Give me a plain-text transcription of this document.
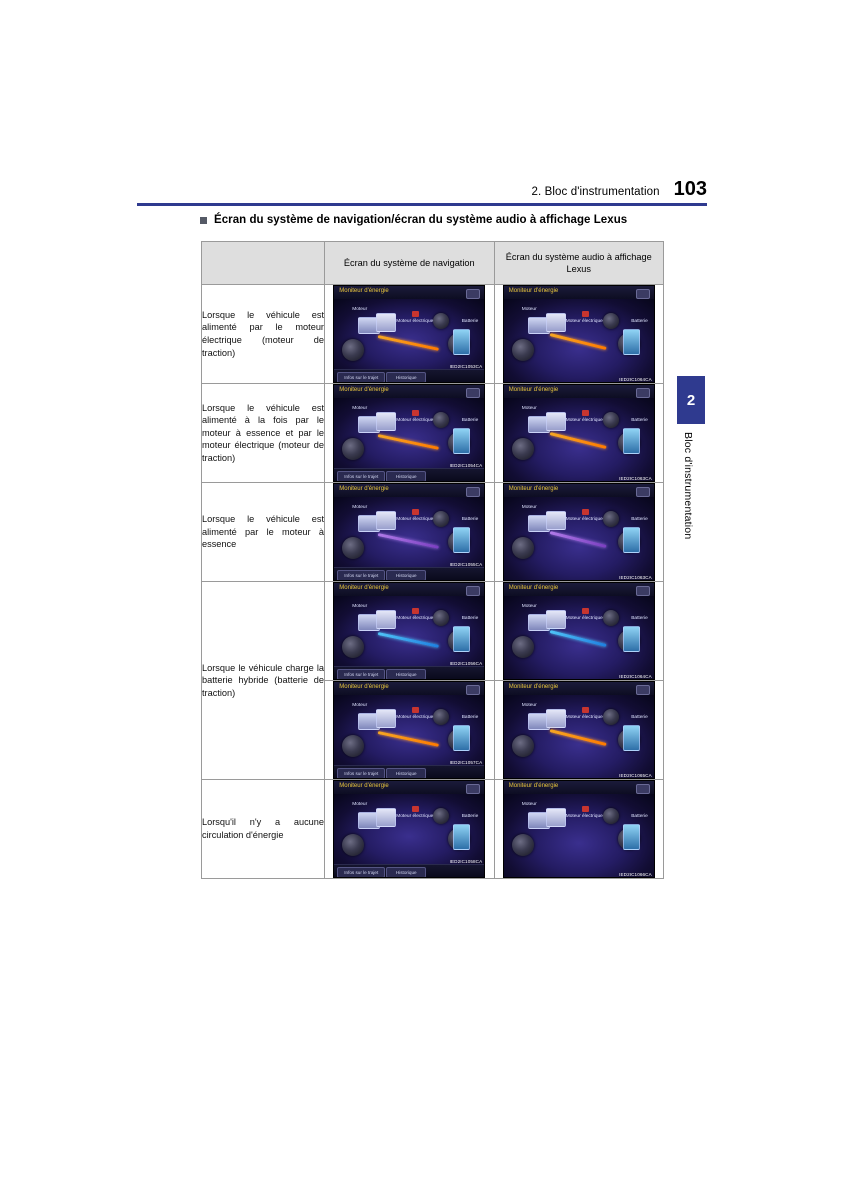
2. Bloc d'instrumentation 103
Écran du système de navigation/écran du système audio à affichage Lexus
	Écran du système de navigation	Écran du système audio à affichage Lexus
Lorsque le véhicule est alimenté par le moteur électrique (moteur de traction)	
Moniteur d'énergie
Moteur
Moteur électrique	Batterie
Infos sur le trajet	Historique
IED2IC1053CA

Moniteur d'énergie
Moteur
Moteur électrique	Batterie
IED2IC1064CA

Lorsque le véhicule est alimenté à la fois par le moteur à essence et par le moteur électrique (moteur de traction)	
Moniteur d'énergie
Moteur
Moteur électrique	Batterie
Infos sur le trajet	Historique
IED2IC1054CA

Moniteur d'énergie
Moteur
Moteur électrique	Batterie
IED2IC1063CA

Lorsque le véhicule est alimenté par le moteur à essence	
Moniteur d'énergie
Moteur
Moteur électrique	Batterie
Infos sur le trajet	Historique
IED2IC1055CA

Moniteur d'énergie
Moteur
Moteur électrique	Batterie
IED2IC1063CA

Lorsque le véhicule charge la batterie hybride (batterie de traction)	
Moniteur d'énergie
Moteur
Moteur électrique	Batterie
Infos sur le trajet	Historique
IED2IC1056CA

Moniteur d'énergie
Moteur
Moteur électrique	Batterie
IED2IC1064CA

Moniteur d'énergie
Moteur
Moteur électrique	Batterie
Infos sur le trajet	Historique
IED2IC1057CA

Moniteur d'énergie
Moteur
Moteur électrique	Batterie
IED2IC1065CA

Lorsqu'il n'y a aucune circulation d'énergie	
Moniteur d'énergie
Moteur
Moteur électrique	Batterie
Infos sur le trajet	Historique
IED2IC1058CA

Moniteur d'énergie
Moteur
Moteur électrique	Batterie
IED2IC1066CA
2
Bloc d'instrumentation
